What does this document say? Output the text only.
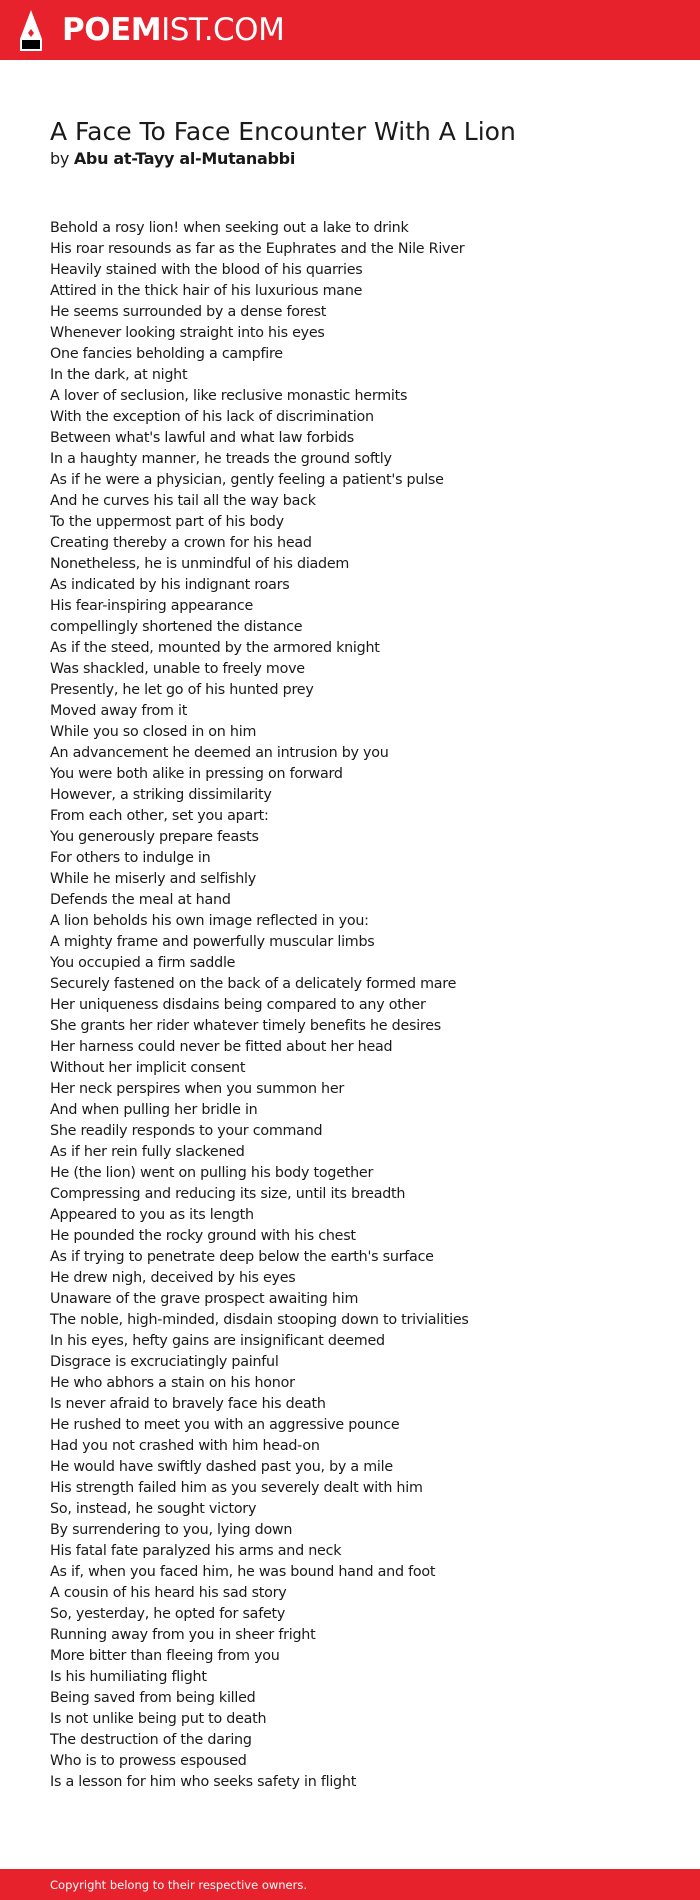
POEMIST.COM
A Face To Face Encounter With A Lion
by Abu at-Tayy al-Mutanabbi
Behold a rosy lion! when seeking out a lake to drink
His roar resounds as far as the Euphrates and the Nile River
Heavily stained with the blood of his quarries
Attired in the thick hair of his luxurious mane
He seems surrounded by a dense forest
Whenever looking straight into his eyes
One fancies beholding a campfire
In the dark, at night
A lover of seclusion, like reclusive monastic hermits
With the exception of his lack of discrimination
Between what's lawful and what law forbids
In a haughty manner, he treads the ground softly
As if he were a physician, gently feeling a patient's pulse
And he curves his tail all the way back
To the uppermost part of his body
Creating thereby a crown for his head
Nonetheless, he is unmindful of his diadem
As indicated by his indignant roars
His fear-inspiring appearance
compellingly shortened the distance
As if the steed, mounted by the armored knight
Was shackled, unable to freely move
Presently, he let go of his hunted prey
Moved away from it
While you so closed in on him
An advancement he deemed an intrusion by you
You were both alike in pressing on forward
However, a striking dissimilarity
From each other, set you apart:
You generously prepare feasts
For others to indulge in
While he miserly and selfishly
Defends the meal at hand
A lion beholds his own image reflected in you:
A mighty frame and powerfully muscular limbs
You occupied a firm saddle
Securely fastened on the back of a delicately formed mare
Her uniqueness disdains being compared to any other
She grants her rider whatever timely benefits he desires
Her harness could never be fitted about her head
Without her implicit consent
Her neck perspires when you summon her
And when pulling her bridle in
She readily responds to your command
As if her rein fully slackened
He (the lion) went on pulling his body together
Compressing and reducing its size, until its breadth
Appeared to you as its length
He pounded the rocky ground with his chest
As if trying to penetrate deep below the earth's surface
He drew nigh, deceived by his eyes
Unaware of the grave prospect awaiting him
The noble, high-minded, disdain stooping down to trivialities
In his eyes, hefty gains are insignificant deemed
Disgrace is excruciatingly painful
He who abhors a stain on his honor
Is never afraid to bravely face his death
He rushed to meet you with an aggressive pounce
Had you not crashed with him head-on
He would have swiftly dashed past you, by a mile
His strength failed him as you severely dealt with him
So, instead, he sought victory
By surrendering to you, lying down
His fatal fate paralyzed his arms and neck
As if, when you faced him, he was bound hand and foot
A cousin of his heard his sad story
So, yesterday, he opted for safety
Running away from you in sheer fright
More bitter than fleeing from you
Is his humiliating flight
Being saved from being killed
Is not unlike being put to death
The destruction of the daring
Who is to prowess espoused
Is a lesson for him who seeks safety in flight
Copyright belong to their respective owners.
